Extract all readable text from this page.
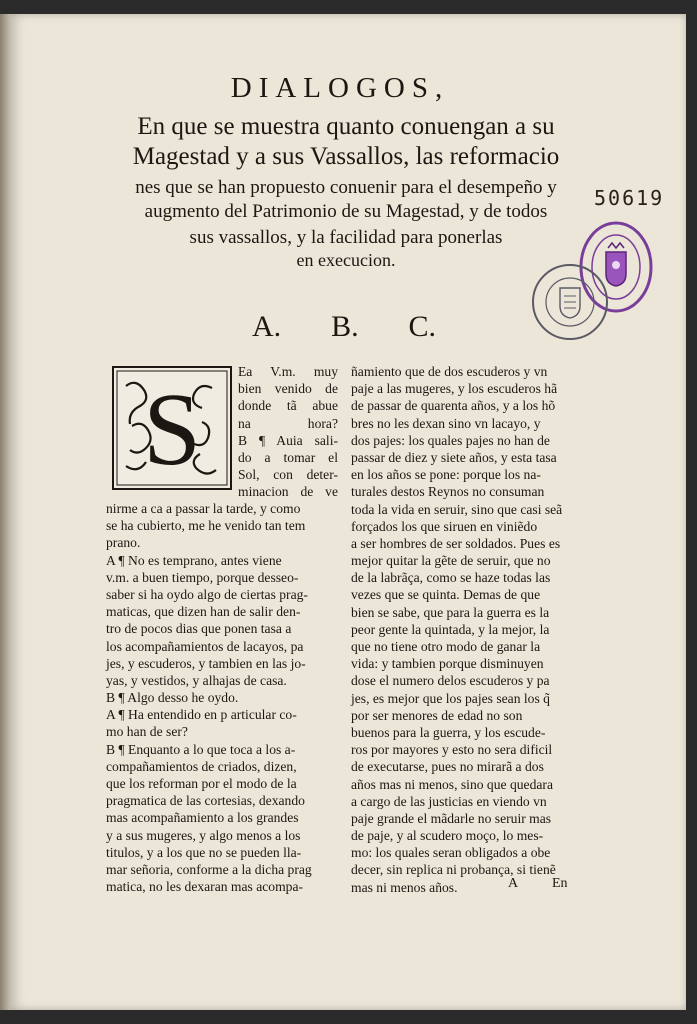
DIALOGOS,
En que se muestra quanto conuengan a su
Magestad y a sus Vassallos, las reformacio
nes que se han propuesto conuenir para el desempeño y
augmento del Patrimonio de su Magestad, y de todos
sus vassallos, y la facilidad para ponerlas
en execucion.
50619
A. B. C.
S
Ea V.m. muy
bien venido de
donde tã abue
na hora?
B ¶ Auia sali-
do a tomar el
Sol, con deter-
minacion de ve
nirme a ca a passar la tarde, y como
se ha cubierto, me he venido tan tem
prano.
A ¶ No es temprano, antes viene
v.m. a buen tiempo, porque desseo-
saber si ha oydo algo de ciertas prag-
maticas, que dizen han de salir den-
tro de pocos dias que ponen tasa a
los acompañamientos de lacayos, pa
jes, y escuderos, y tambien en las jo-
yas, y vestidos, y alhajas de casa.
B ¶ Algo desso he oydo.
A ¶ Ha entendido en p articular co-
mo han de ser?
B ¶ Enquanto a lo que toca a los a-
compañamientos de criados, dizen,
que los reforman por el modo de la
pragmatica de las cortesias, dexando
mas acompañamiento a los grandes
y a sus mugeres, y algo menos a los
titulos, y a los que no se pueden lla-
mar señoria, conforme a la dicha prag
matica, no les dexaran mas acompa-
ñamiento que de dos escuderos y vn
paje a las mugeres, y los escuderos hã
de passar de quarenta años, y a los hõ
bres no les dexan sino vn lacayo, y
dos pajes: los quales pajes no han de
passar de diez y siete años, y esta tasa
en los años se pone: porque los na-
turales destos Reynos no consuman
toda la vida en seruir, sino que casi seã
forçados los que siruen en viniẽdo
a ser hombres de ser soldados. Pues es
mejor quitar la gẽte de seruir, que no
de la labrãça, como se haze todas las
vezes que se quinta. Demas de que
bien se sabe, que para la guerra es la
peor gente la quintada, y la mejor, la
que no tiene otro modo de ganar la
vida: y tambien porque disminuyen
dose el numero delos escuderos y pa
jes, es mejor que los pajes sean los q̃
por ser menores de edad no son
buenos para la guerra, y los escude-
ros por mayores y esto no sera dificil
de executarse, pues no mirarã a dos
años mas ni menos, sino que quedara
a cargo de las justicias en viendo vn
paje grande el mãdarle no seruir mas
de paje, y al scudero moço, lo mes-
mo: los quales seran obligados a obe
decer, sin replica ni probança, si tienẽ
mas ni menos años.	A En
